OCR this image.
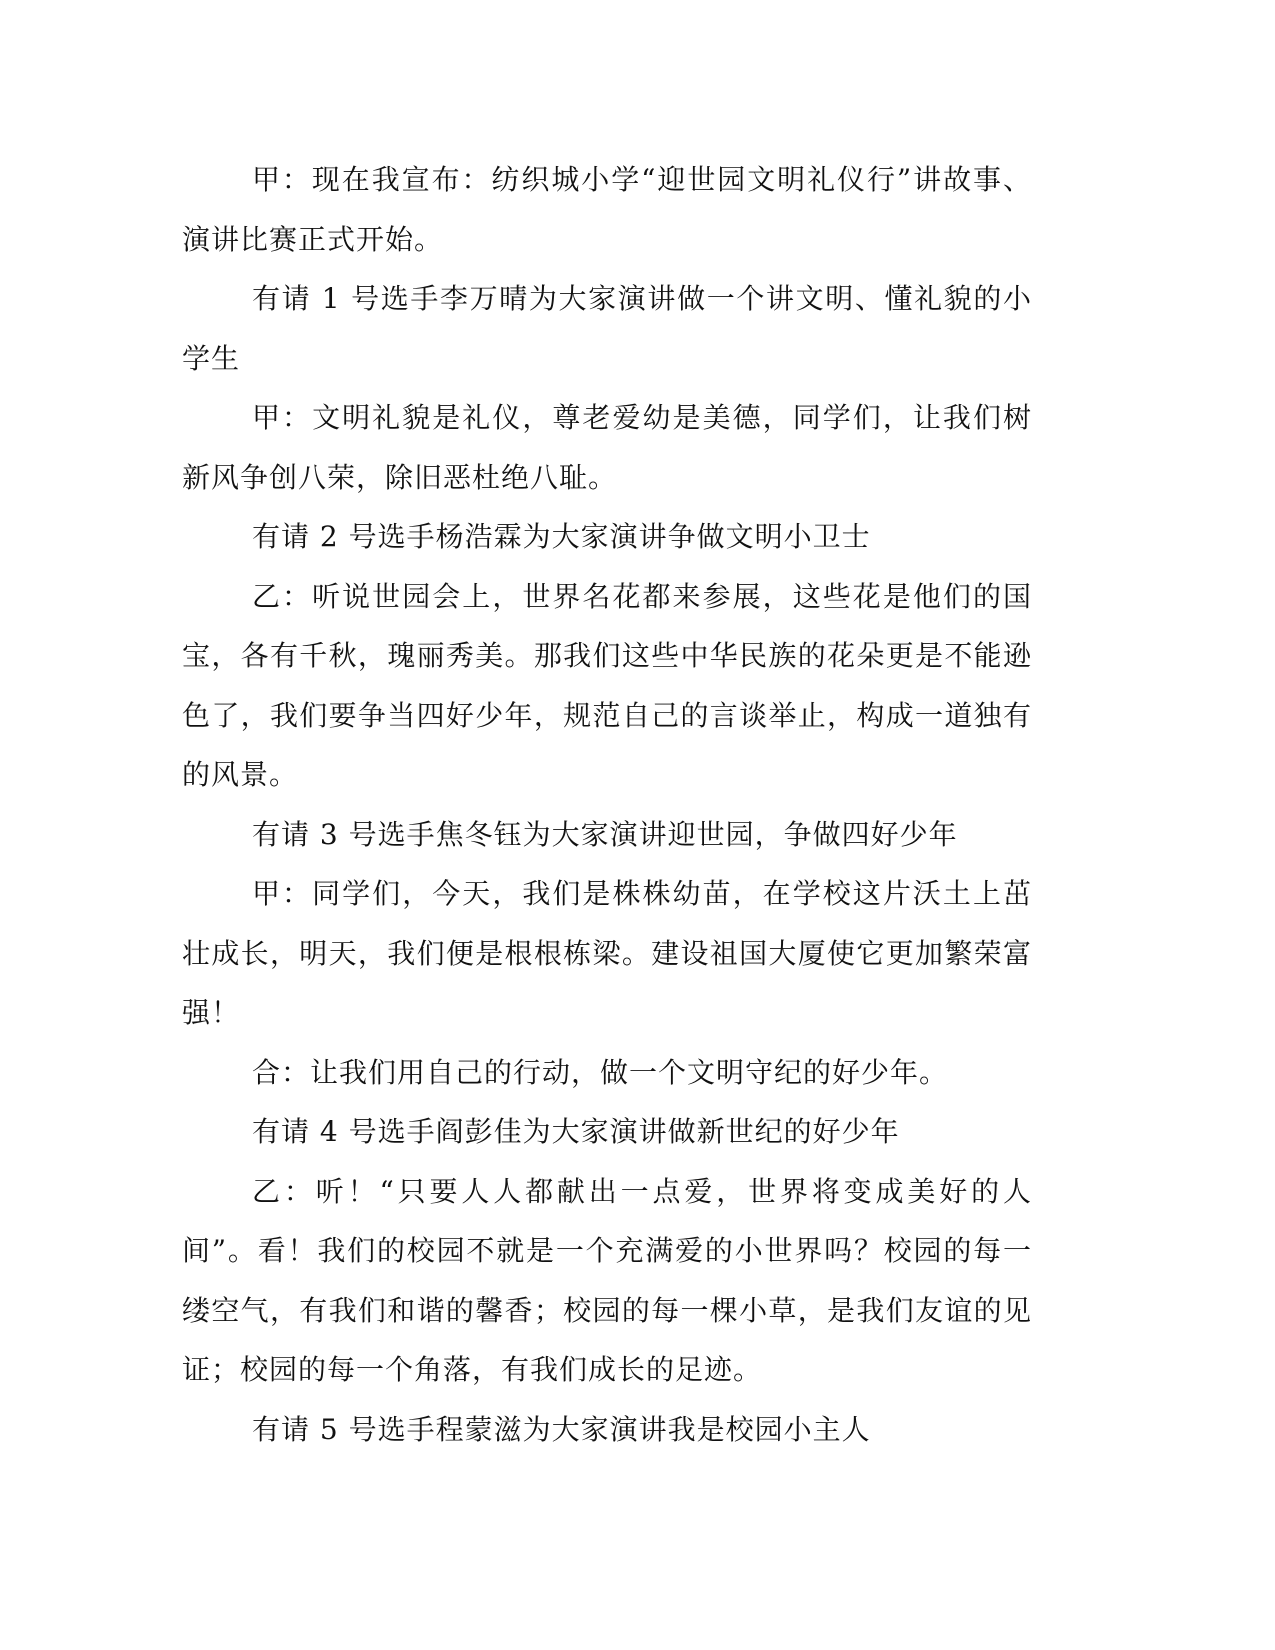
甲：现在我宣布：纺织城小学“迎世园文明礼仪行”讲故事、演讲比赛正式开始。

有请 1 号选手李万晴为大家演讲做一个讲文明、懂礼貌的小学生

甲：文明礼貌是礼仪，尊老爱幼是美德，同学们，让我们树新风争创八荣，除旧恶杜绝八耻。

有请 2 号选手杨浩霖为大家演讲争做文明小卫士

乙：听说世园会上，世界名花都来参展，这些花是他们的国宝，各有千秋，瑰丽秀美。那我们这些中华民族的花朵更是不能逊色了，我们要争当四好少年，规范自己的言谈举止，构成一道独有的风景。

有请 3 号选手焦冬钰为大家演讲迎世园，争做四好少年

甲：同学们，今天，我们是株株幼苗，在学校这片沃土上茁壮成长，明天，我们便是根根栋梁。建设祖国大厦使它更加繁荣富强！

合：让我们用自己的行动，做一个文明守纪的好少年。

有请 4 号选手阎彭佳为大家演讲做新世纪的好少年

乙：听！“只要人人都献出一点爱，世界将变成美好的人间”。看！我们的校园不就是一个充满爱的小世界吗？校园的每一缕空气，有我们和谐的馨香；校园的每一棵小草，是我们友谊的见证；校园的每一个角落，有我们成长的足迹。

有请 5 号选手程蒙滋为大家演讲我是校园小主人
